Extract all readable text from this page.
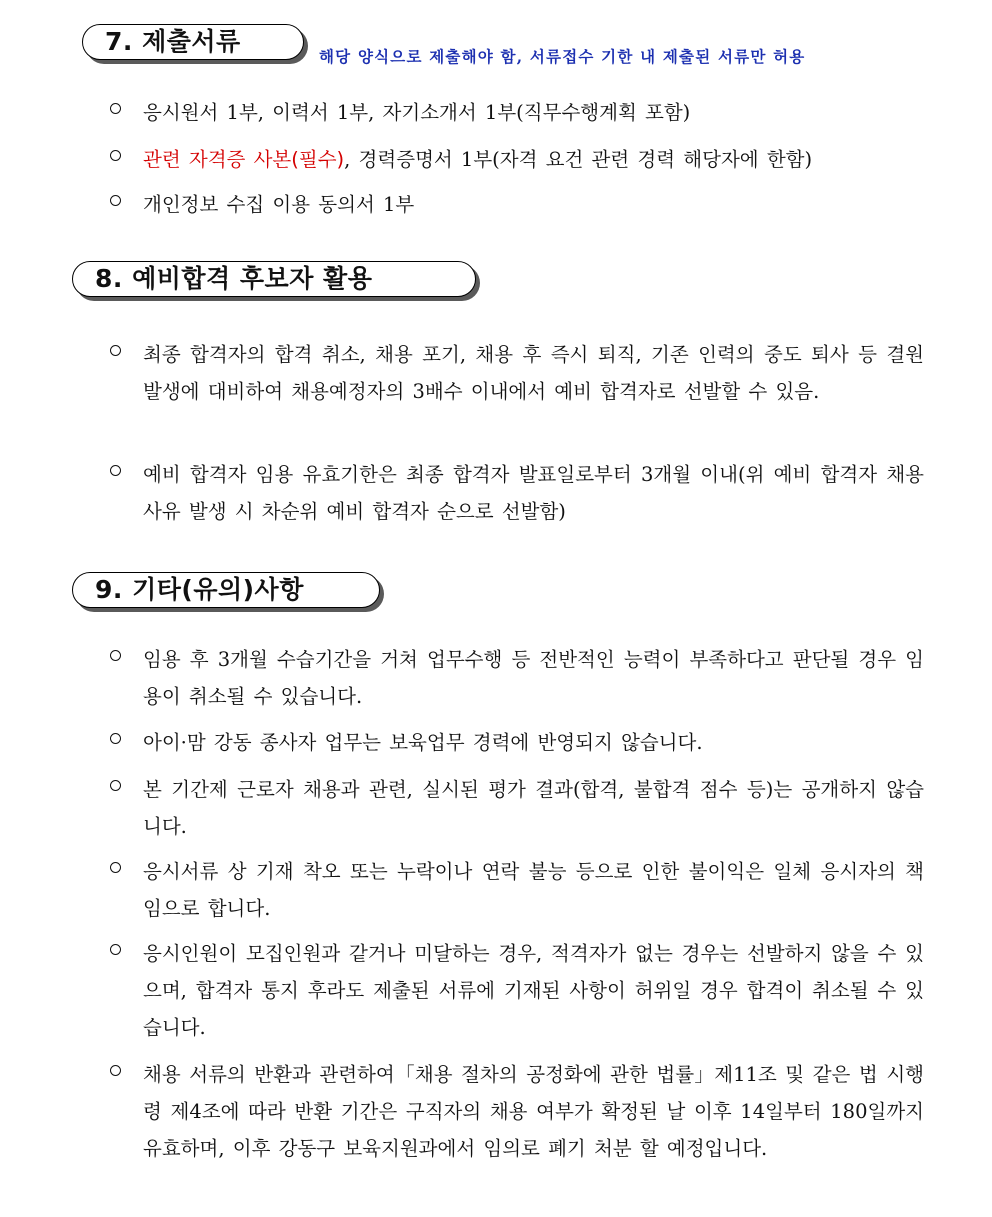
7. 제출서류
해당 양식으로 제출해야 함, 서류접수 기한 내 제출된 서류만 허용
응시원서 1부, 이력서 1부, 자기소개서 1부(직무수행계획 포함)
관련 자격증 사본(필수), 경력증명서 1부(자격 요건 관련 경력 해당자에 한함)
개인정보 수집 이용 동의서 1부
8. 예비합격 후보자 활용
최종 합격자의 합격 취소, 채용 포기, 채용 후 즉시 퇴직, 기존 인력의 중도 퇴사 등 결원 발생에 대비하여 채용예정자의 3배수 이내에서 예비 합격자로 선발할 수 있음.
예비 합격자 임용 유효기한은 최종 합격자 발표일로부터 3개월 이내(위 예비 합격자 채용 사유 발생 시 차순위 예비 합격자 순으로 선발함)
9. 기타(유의)사항
임용 후 3개월 수습기간을 거쳐 업무수행 등 전반적인 능력이 부족하다고 판단될 경우 임용이 취소될 수 있습니다.
아이·맘 강동 종사자 업무는 보육업무 경력에 반영되지 않습니다.
본 기간제 근로자 채용과 관련, 실시된 평가 결과(합격, 불합격 점수 등)는 공개하지 않습니다.
응시서류 상 기재 착오 또는 누락이나 연락 불능 등으로 인한 불이익은 일체 응시자의 책임으로 합니다.
응시인원이 모집인원과 같거나 미달하는 경우, 적격자가 없는 경우는 선발하지 않을 수 있으며, 합격자 통지 후라도 제출된 서류에 기재된 사항이 허위일 경우 합격이 취소될 수 있습니다.
채용 서류의 반환과 관련하여「채용 절차의 공정화에 관한 법률」제11조 및 같은 법 시행령 제4조에 따라 반환 기간은 구직자의 채용 여부가 확정된 날 이후 14일부터 180일까지 유효하며, 이후 강동구 보육지원과에서 임의로 폐기 처분 할 예정입니다.
